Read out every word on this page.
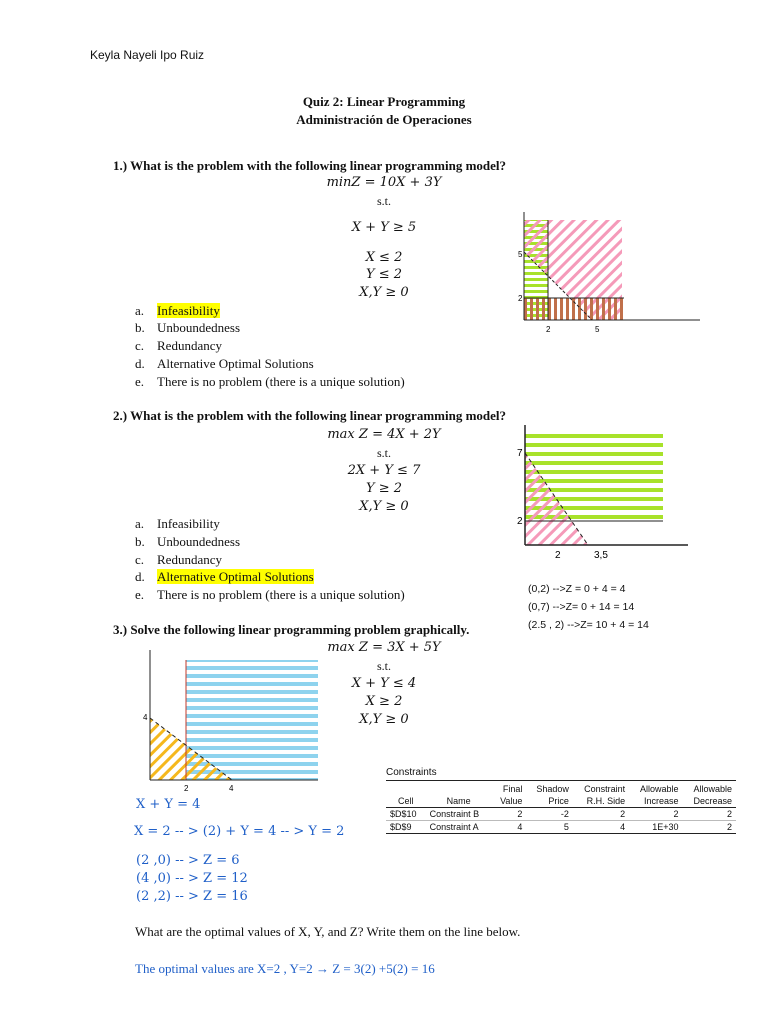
Keyla Nayeli Ipo Ruiz
Quiz 2: Linear Programming
Administración de Operaciones
1.) What is the problem with the following linear programming model?
minZ = 10X + 3Y
s.t.
X + Y ≥ 5
X ≤ 2
Y ≤ 2
X,Y ≥ 0
a. Infeasibility
b. Unboundedness
c. Redundancy
d. Alternative Optimal Solutions
e. There is no problem (there is a unique solution)
5
2
2	5
2.) What is the problem with the following linear programming model?
max Z = 4X + 2Y
s.t.
2X + Y ≤ 7
Y ≥ 2
X,Y ≥ 0
a. Infeasibility
b. Unboundedness
c. Redundancy
d. Alternative Optimal Solutions
e. There is no problem (there is a unique solution)
7
2
2	3,5
(0,2) -->Z = 0 + 4 = 4
(0,7) -->Z= 0 + 14 = 14
(2.5 , 2) -->Z= 10 + 4 = 14
3.) Solve the following linear programming problem graphically.
max Z = 3X + 5Y
s.t.
X + Y ≤ 4
X ≥ 2
X,Y ≥ 0
4
2	4
X + Y = 4
X = 2 -- > (2) + Y = 4 -- > Y = 2
(2 ,0) -- > Z = 6
(4 ,0) -- > Z = 12
(2 ,2) -- > Z = 16
Constraints
		Final	Shadow	Constraint	Allowable	Allowable
Cell	Name	Value	Price	R.H. Side	Increase	Decrease
$D$10	Constraint B	2	-2	2	2	2
$D$9	Constraint A	4	5	4	1E+30	2
What are the optimal values of X, Y, and Z? Write them on the line below.
The optimal values are X=2 , Y=2 → Z = 3(2) +5(2) = 16
